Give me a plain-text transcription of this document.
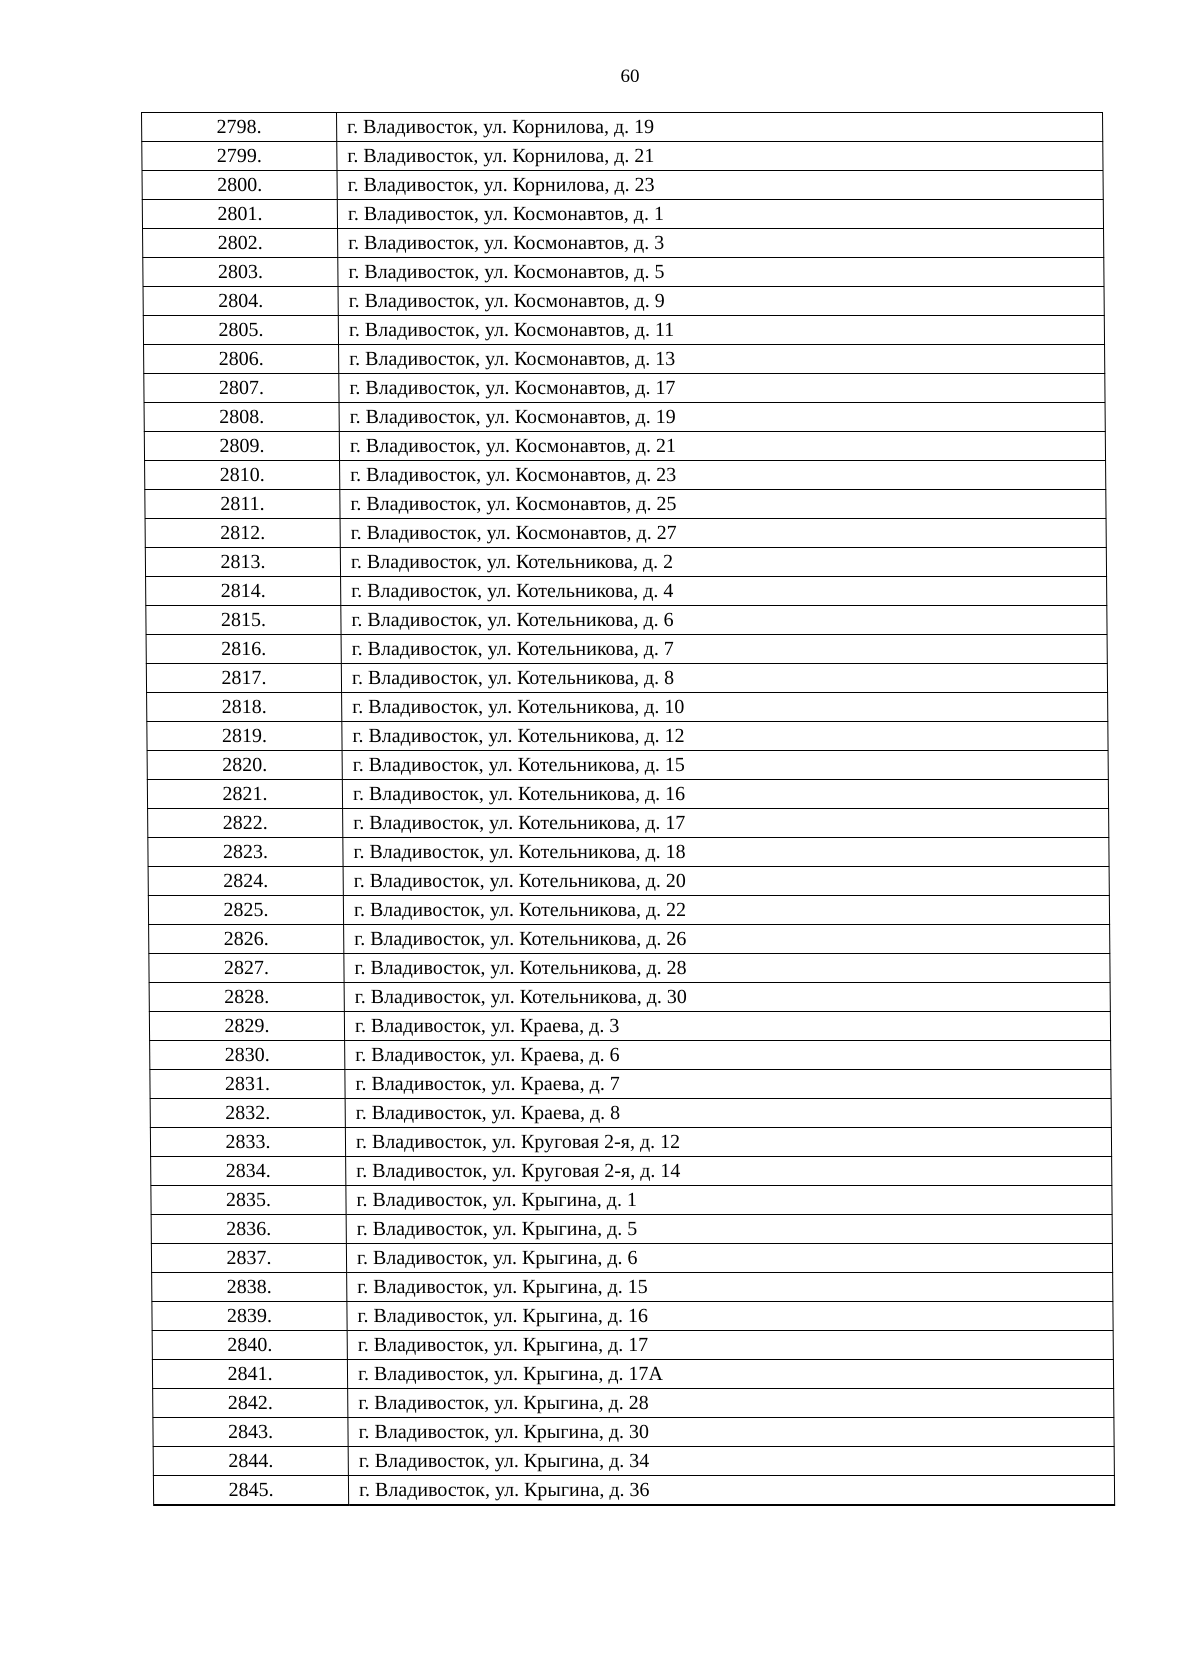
60
2798.	г. Владивосток, ул. Корнилова, д. 19
2799.	г. Владивосток, ул. Корнилова, д. 21
2800.	г. Владивосток, ул. Корнилова, д. 23
2801.	г. Владивосток, ул. Космонавтов, д. 1
2802.	г. Владивосток, ул. Космонавтов, д. 3
2803.	г. Владивосток, ул. Космонавтов, д. 5
2804.	г. Владивосток, ул. Космонавтов, д. 9
2805.	г. Владивосток, ул. Космонавтов, д. 11
2806.	г. Владивосток, ул. Космонавтов, д. 13
2807.	г. Владивосток, ул. Космонавтов, д. 17
2808.	г. Владивосток, ул. Космонавтов, д. 19
2809.	г. Владивосток, ул. Космонавтов, д. 21
2810.	г. Владивосток, ул. Космонавтов, д. 23
2811.	г. Владивосток, ул. Космонавтов, д. 25
2812.	г. Владивосток, ул. Космонавтов, д. 27
2813.	г. Владивосток, ул. Котельникова, д. 2
2814.	г. Владивосток, ул. Котельникова, д. 4
2815.	г. Владивосток, ул. Котельникова, д. 6
2816.	г. Владивосток, ул. Котельникова, д. 7
2817.	г. Владивосток, ул. Котельникова, д. 8
2818.	г. Владивосток, ул. Котельникова, д. 10
2819.	г. Владивосток, ул. Котельникова, д. 12
2820.	г. Владивосток, ул. Котельникова, д. 15
2821.	г. Владивосток, ул. Котельникова, д. 16
2822.	г. Владивосток, ул. Котельникова, д. 17
2823.	г. Владивосток, ул. Котельникова, д. 18
2824.	г. Владивосток, ул. Котельникова, д. 20
2825.	г. Владивосток, ул. Котельникова, д. 22
2826.	г. Владивосток, ул. Котельникова, д. 26
2827.	г. Владивосток, ул. Котельникова, д. 28
2828.	г. Владивосток, ул. Котельникова, д. 30
2829.	г. Владивосток, ул. Краева, д. 3
2830.	г. Владивосток, ул. Краева, д. 6
2831.	г. Владивосток, ул. Краева, д. 7
2832.	г. Владивосток, ул. Краева, д. 8
2833.	г. Владивосток, ул. Круговая 2-я, д. 12
2834.	г. Владивосток, ул. Круговая 2-я, д. 14
2835.	г. Владивосток, ул. Крыгина, д. 1
2836.	г. Владивосток, ул. Крыгина, д. 5
2837.	г. Владивосток, ул. Крыгина, д. 6
2838.	г. Владивосток, ул. Крыгина, д. 15
2839.	г. Владивосток, ул. Крыгина, д. 16
2840.	г. Владивосток, ул. Крыгина, д. 17
2841.	г. Владивосток, ул. Крыгина, д. 17А
2842.	г. Владивосток, ул. Крыгина, д. 28
2843.	г. Владивосток, ул. Крыгина, д. 30
2844.	г. Владивосток, ул. Крыгина, д. 34
2845.	г. Владивосток, ул. Крыгина, д. 36
